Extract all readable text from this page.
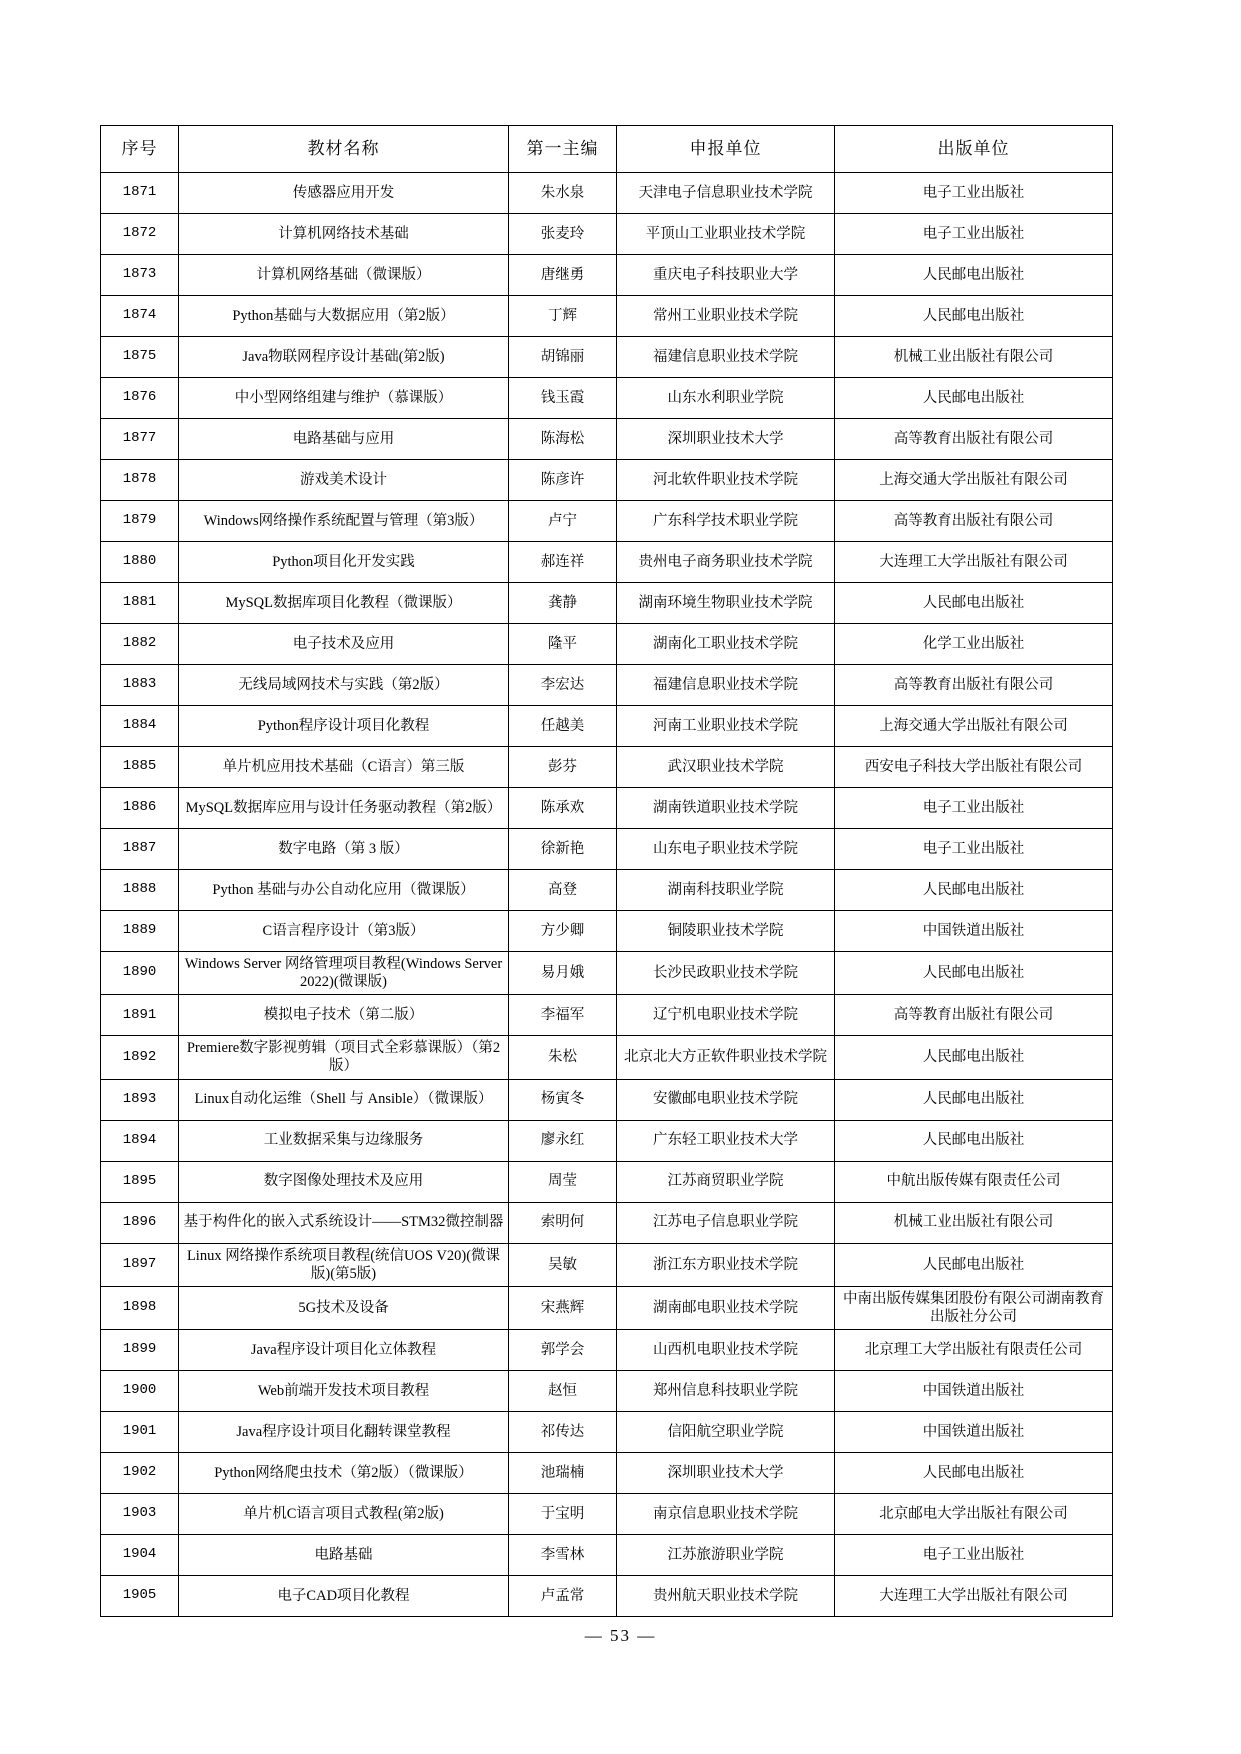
序号	教材名称	第一主编	申报单位	出版单位
1871	传感器应用开发	朱水泉	天津电子信息职业技术学院	电子工业出版社
1872	计算机网络技术基础	张麦玲	平顶山工业职业技术学院	电子工业出版社
1873	计算机网络基础（微课版）	唐继勇	重庆电子科技职业大学	人民邮电出版社
1874	Python基础与大数据应用（第2版）	丁辉	常州工业职业技术学院	人民邮电出版社
1875	Java物联网程序设计基础(第2版)	胡锦丽	福建信息职业技术学院	机械工业出版社有限公司
1876	中小型网络组建与维护（慕课版）	钱玉霞	山东水利职业学院	人民邮电出版社
1877	电路基础与应用	陈海松	深圳职业技术大学	高等教育出版社有限公司
1878	游戏美术设计	陈彦许	河北软件职业技术学院	上海交通大学出版社有限公司
1879	Windows网络操作系统配置与管理（第3版）	卢宁	广东科学技术职业学院	高等教育出版社有限公司
1880	Python项目化开发实践	郝连祥	贵州电子商务职业技术学院	大连理工大学出版社有限公司
1881	MySQL数据库项目化教程（微课版）	龚静	湖南环境生物职业技术学院	人民邮电出版社
1882	电子技术及应用	隆平	湖南化工职业技术学院	化学工业出版社
1883	无线局域网技术与实践（第2版）	李宏达	福建信息职业技术学院	高等教育出版社有限公司
1884	Python程序设计项目化教程	任越美	河南工业职业技术学院	上海交通大学出版社有限公司
1885	单片机应用技术基础（C语言）第三版	彭芬	武汉职业技术学院	西安电子科技大学出版社有限公司
1886	MySQL数据库应用与设计任务驱动教程（第2版）	陈承欢	湖南铁道职业技术学院	电子工业出版社
1887	数字电路（第 3 版）	徐新艳	山东电子职业技术学院	电子工业出版社
1888	Python 基础与办公自动化应用（微课版）	高登	湖南科技职业学院	人民邮电出版社
1889	C语言程序设计（第3版）	方少卿	铜陵职业技术学院	中国铁道出版社
1890	Windows Server 网络管理项目教程(Windows Server 2022)(微课版)	易月娥	长沙民政职业技术学院	人民邮电出版社
1891	模拟电子技术（第二版）	李福军	辽宁机电职业技术学院	高等教育出版社有限公司
1892	Premiere数字影视剪辑（项目式全彩慕课版）（第2版）	朱松	北京北大方正软件职业技术学院	人民邮电出版社
1893	Linux自动化运维（Shell 与 Ansible）（微课版）	杨寅冬	安徽邮电职业技术学院	人民邮电出版社
1894	工业数据采集与边缘服务	廖永红	广东轻工职业技术大学	人民邮电出版社
1895	数字图像处理技术及应用	周莹	江苏商贸职业学院	中航出版传媒有限责任公司
1896	基于构件化的嵌入式系统设计——STM32微控制器	索明何	江苏电子信息职业学院	机械工业出版社有限公司
1897	Linux 网络操作系统项目教程(统信UOS V20)(微课版)(第5版)	吴敏	浙江东方职业技术学院	人民邮电出版社
1898	5G技术及设备	宋燕辉	湖南邮电职业技术学院	中南出版传媒集团股份有限公司湖南教育出版社分公司
1899	Java程序设计项目化立体教程	郭学会	山西机电职业技术学院	北京理工大学出版社有限责任公司
1900	Web前端开发技术项目教程	赵恒	郑州信息科技职业学院	中国铁道出版社
1901	Java程序设计项目化翻转课堂教程	祁传达	信阳航空职业学院	中国铁道出版社
1902	Python网络爬虫技术（第2版）（微课版）	池瑞楠	深圳职业技术大学	人民邮电出版社
1903	单片机C语言项目式教程(第2版)	于宝明	南京信息职业技术学院	北京邮电大学出版社有限公司
1904	电路基础	李雪林	江苏旅游职业学院	电子工业出版社
1905	电子CAD项目化教程	卢孟常	贵州航天职业技术学院	大连理工大学出版社有限公司
— 53 —
